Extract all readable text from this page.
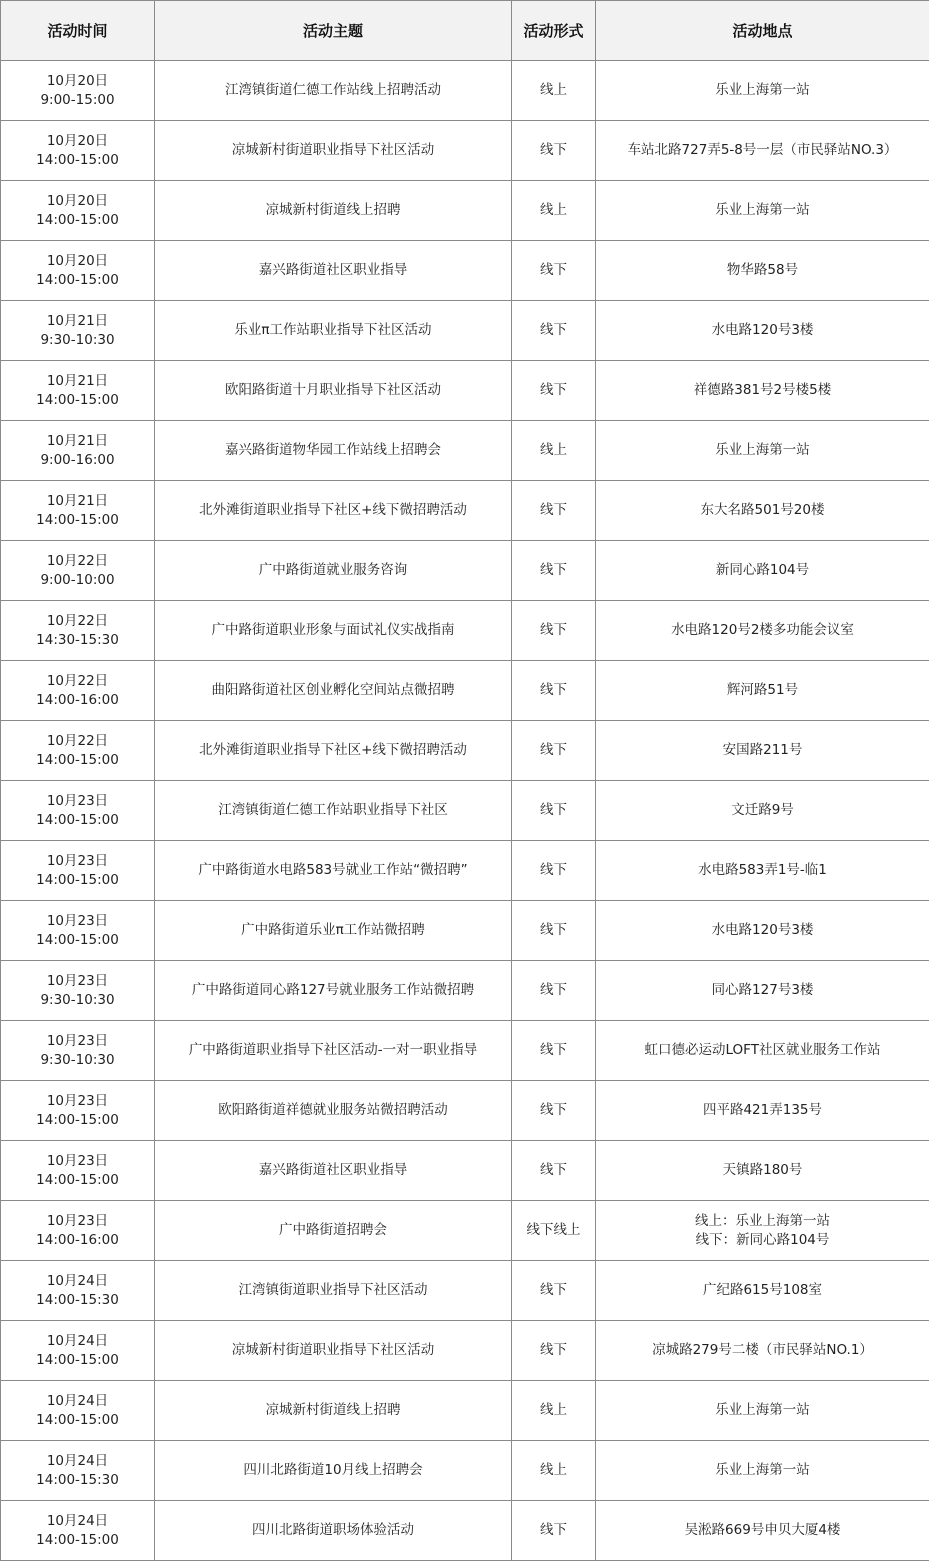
活动时间	活动主题	活动形式	活动地点

10月20日
9:00-15:00	江湾镇街道仁德工作站线上招聘活动	线上	乐业上海第一站

10月20日
14:00-15:00	凉城新村街道职业指导下社区活动	线下	车站北路727弄5-8号一层（市民驿站NO.3）

10月20日
14:00-15:00	凉城新村街道线上招聘	线上	乐业上海第一站

10月20日
14:00-15:00	嘉兴路街道社区职业指导	线下	物华路58号

10月21日
9:30-10:30	乐业π工作站职业指导下社区活动	线下	水电路120号3楼

10月21日
14:00-15:00	欧阳路街道十月职业指导下社区活动	线下	祥德路381号2号楼5楼

10月21日
9:00-16:00	嘉兴路街道物华园工作站线上招聘会	线上	乐业上海第一站

10月21日
14:00-15:00	北外滩街道职业指导下社区+线下微招聘活动	线下	东大名路501号20楼

10月22日
9:00-10:00	广中路街道就业服务咨询	线下	新同心路104号

10月22日
14:30-15:30	广中路街道职业形象与面试礼仪实战指南	线下	水电路120号2楼多功能会议室

10月22日
14:00-16:00	曲阳路街道社区创业孵化空间站点微招聘	线下	辉河路51号

10月22日
14:00-15:00	北外滩街道职业指导下社区+线下微招聘活动	线下	安国路211号

10月23日
14:00-15:00	江湾镇街道仁德工作站职业指导下社区	线下	文迁路9号

10月23日
14:00-15:00	广中路街道水电路583号就业工作站“微招聘”	线下	水电路583弄1号-临1

10月23日
14:00-15:00	广中路街道乐业π工作站微招聘	线下	水电路120号3楼

10月23日
9:30-10:30	广中路街道同心路127号就业服务工作站微招聘	线下	同心路127号3楼

10月23日
9:30-10:30	广中路街道职业指导下社区活动-一对一职业指导	线下	虹口德必运动LOFT社区就业服务工作站

10月23日
14:00-15:00	欧阳路街道祥德就业服务站微招聘活动	线下	四平路421弄135号

10月23日
14:00-15:00	嘉兴路街道社区职业指导	线下	天镇路180号

10月23日
14:00-16:00	广中路街道招聘会	线下线上	线上：乐业上海第一站
线下：新同心路104号

10月24日
14:00-15:30	江湾镇街道职业指导下社区活动	线下	广纪路615号108室

10月24日
14:00-15:00	凉城新村街道职业指导下社区活动	线下	凉城路279号二楼（市民驿站NO.1）

10月24日
14:00-15:00	凉城新村街道线上招聘	线上	乐业上海第一站

10月24日
14:00-15:30	四川北路街道10月线上招聘会	线上	乐业上海第一站

10月24日
14:00-15:00	四川北路街道职场体验活动	线下	吴淞路669号申贝大厦4楼
